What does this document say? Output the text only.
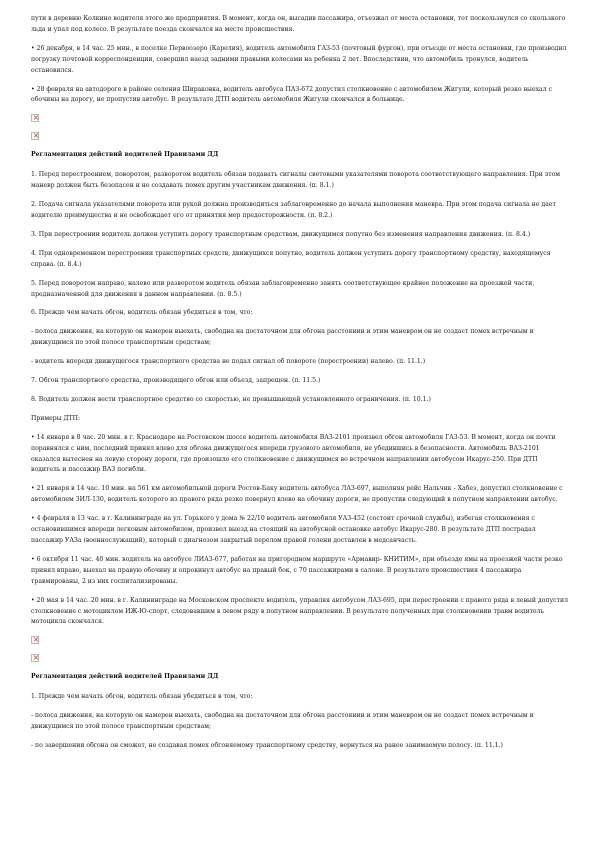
пути в деревню Колкино водителя этого же предприятия. В момент, когда он, высадив пассажира, отъезжал от места остановки, тот поскользнулся со скользкого льда и упал под колесо. В результате поезда скончался на месте происшествия.

• 26 декабря, в 14 час. 25 мин., в поселке Первоозеро (Карелия), водитель автомобиля ГАЗ-53 (почтовый фургон), при отъезде от места остановки, где производил погрузку почтовой корреспонденции, совершил наезд задними правыми колесами на ребенка 2 лет. Впоследствии, что автомобиль тронулся, водитель остановился.

• 28 февраля на автодороге в районе селения Шираковка, водитель автобуса ПАЗ-672 допустил столкновение с автомобилем Жигули, который резко выехал с обочины на дорогу, не пропустив автобус. В результате ДТП водитель автомобиля Жигули скончался в больнице.

×
×

Регламентация действий водителей Правилами ДД

1. Перед перестроением, поворотом, разворотом водитель обязан подавать сигналы световыми указателями поворота соответствующего направления. При этом маневр должен быть безопасен и не создавать помех другим участникам движения. (п. 8.1.)

2. Подача сигнала указателями поворота или рукой должна производиться заблаговременно до начала выполнения маневра. При этом подача сигнала не дает водителю преимущества и не освобождает его от принятия мер предосторожности. (п. 8.2.)

3. При перестроении водитель должен уступить дорогу транспортным средствам, движущимся попутно без изменения направления движения. (п. 8.4.)

4. При одновременном перестроении транспортных средств, движущихся попутно, водитель должен уступить дорогу транспортному средству, находящемуся справа. (п. 8.4.)

5. Перед поворотом направо, налево или разворотом водитель обязан заблаговременно занять соответствующее крайнее положение на проезжей части, предназначенной для движения в данном направлении. (п. 8.5.)

6. Прежде чем начать обгон, водитель обязан убедиться в том, что:

- полоса движения, на которую он намерен выехать, свободна на достаточном для обгона расстоянии и этим маневром он не создаст помех встречным и движущимся по этой полосе транспортным средствам;

- водитель впереди движущегося транспортного средства не подал сигнал об повороте (перестроении) налево. (п. 11.1.)

7. Обгон транспортного средства, производящего обгон или объезд, запрещен. (п. 11.5.)

8. Водитель должен вести транспортное средство со скоростью, не превышающей установленного ограничения. (п. 10.1.)

Примеры ДТП:

• 14 января в 8 час. 20 мин. в г. Краснодаре на Ростовском шоссе водитель автомобиля ВАЗ-2101 произвел обгон автомобиля ГАЗ-53. В момент, когда он почти поравнялся с ним, последний принял влево для обгона движущегося впереди грузового автомобиля, не убедившись в безопасности. Автомобиль ВАЗ-2101 оказался вытеснен на левую сторону дороги, где произошло его столкновение с движущимся во встречном направлении автобусом Икарус-250. При ДТП водитель и пассажир ВАЗ погибли.

• 21 января в 14 час. 10 мин. на 561 км автомобильной дороги Ростов-Баку водитель автобуса ЛАЗ-697, выполняя рейс Нальчик - Хабез, допустил столкновение с автомобилем ЗИЛ-130, водитель которого из правого ряда резко повернул влево на обочину дороги, не пропустив следующий в попутном направлении автобус.

• 4 февраля в 13 час. в г. Калининграде на ул. Горького у дома № 22/10 водитель автомобиля УАЗ-452 (состоит срочной службы), избегая столкновения с остановившимся впереди легковым автомобилем, произвел выезд на стоящий на автобусной остановке автобус Икарус-280. В результате ДТП пострадал пассажир УАЗа (военнослужащий), который с диагнозом закрытый перелом правой голени доставлен в медсанчасть.

• 6 октября 11 час. 40 мин. водитель на автобусе ЛИАЗ-677, работая на пригородном маршруте «Армавир- КНИТИМ», при объезде ямы на проезжей части резко принял вправо, выехал на правую обочину и опрокинул автобус на правый бок, с 70 пассажирами в салоне. В результате происшествия 4 пассажира травмированы, 2 из них госпитализированы.

• 20 мая в 14 час. 20 мин. в г. Калининграде на Московском проспекте водитель, управляя автобусом ЛАЗ-695, при перестроении с правого ряда в левый допустил столкновение с мотоциклом ИЖ-Ю-спорт, следовавшим в левом ряду в попутном направлении. В результате полученных при столкновении травм водитель мотоцикла скончался.

×
×

Регламентация действий водителей Правилами ДД

1. Прежде чем начать обгон, водитель обязан убедиться в том, что:

- полоса движения, на которую он намерен выехать, свободна на достаточном для обгона расстоянии и этим маневром он не создаст помех встречным и движущимся по этой полосе транспортным средствам;

- по завершении обгона он сможет, не создавая помех обгоняемому транспортному средству, вернуться на ранее занимаемую полосу. (п. 11.1.)
